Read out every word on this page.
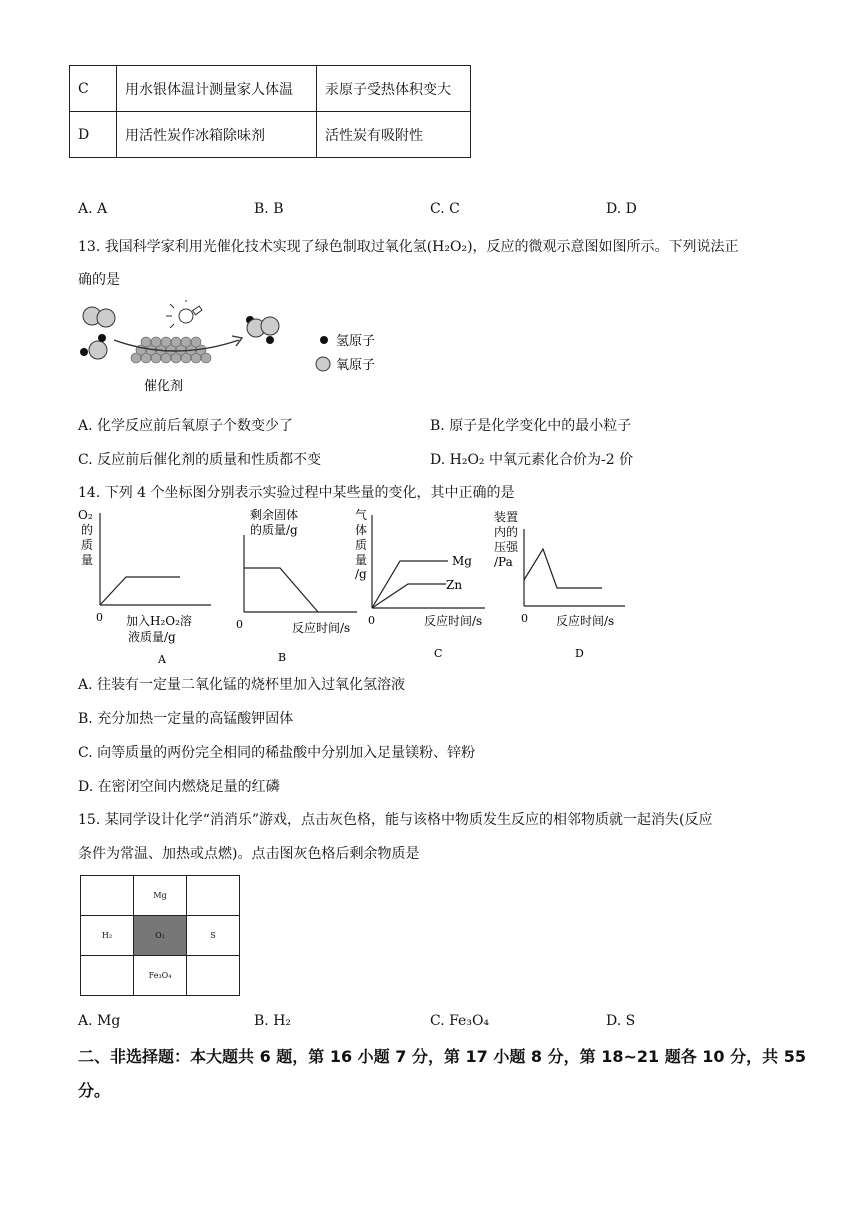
C	用水银体温计测量家人体温	汞原子受热体积变大
D	用活性炭作冰箱除味剂	活性炭有吸附性
A. A	B. B	C. C	D. D
13. 我国科学家利用光催化技术实现了绿色制取过氧化氢(H₂O₂)，反应的微观示意图如图所示。下列说法正
确的是
氢原子
氧原子
催化剂
A. 化学反应前后氧原子个数变少了	B. 原子是化学变化中的最小粒子
C. 反应前后催化剂的质量和性质都不变	D. H₂O₂ 中氧元素化合价为-2 价
14. 下列 4 个坐标图分别表示实验过程中某些量的变化，其中正确的是
O₂
的
质
量
0 加入H₂O₂溶
液质量/g
A
剩余固体
的质量/g
0	反应时间/s
B
气
体
质
量
/g
Mg
Zn
0	反应时间/s
C
装置
内的
压强
/Pa
0 反应时间/s
D
A. 往装有一定量二氧化锰的烧杯里加入过氧化氢溶液
B. 充分加热一定量的高锰酸钾固体
C. 向等质量的两份完全相同的稀盐酸中分别加入足量镁粉、锌粉
D. 在密闭空间内燃烧足量的红磷
15. 某同学设计化学“消消乐”游戏，点击灰色格，能与该格中物质发生反应的相邻物质就一起消失(反应
条件为常温、加热或点燃)。点击图灰色格后剩余物质是
	Mg	
H₂	O₂	S
	Fe₃O₄	
A. Mg	B. H₂	C. Fe₃O₄	D. S
二、非选择题：本大题共 6 题，第 16 小题 7 分，第 17 小题 8 分，第 18~21 题各 10 分，共 55
分。
